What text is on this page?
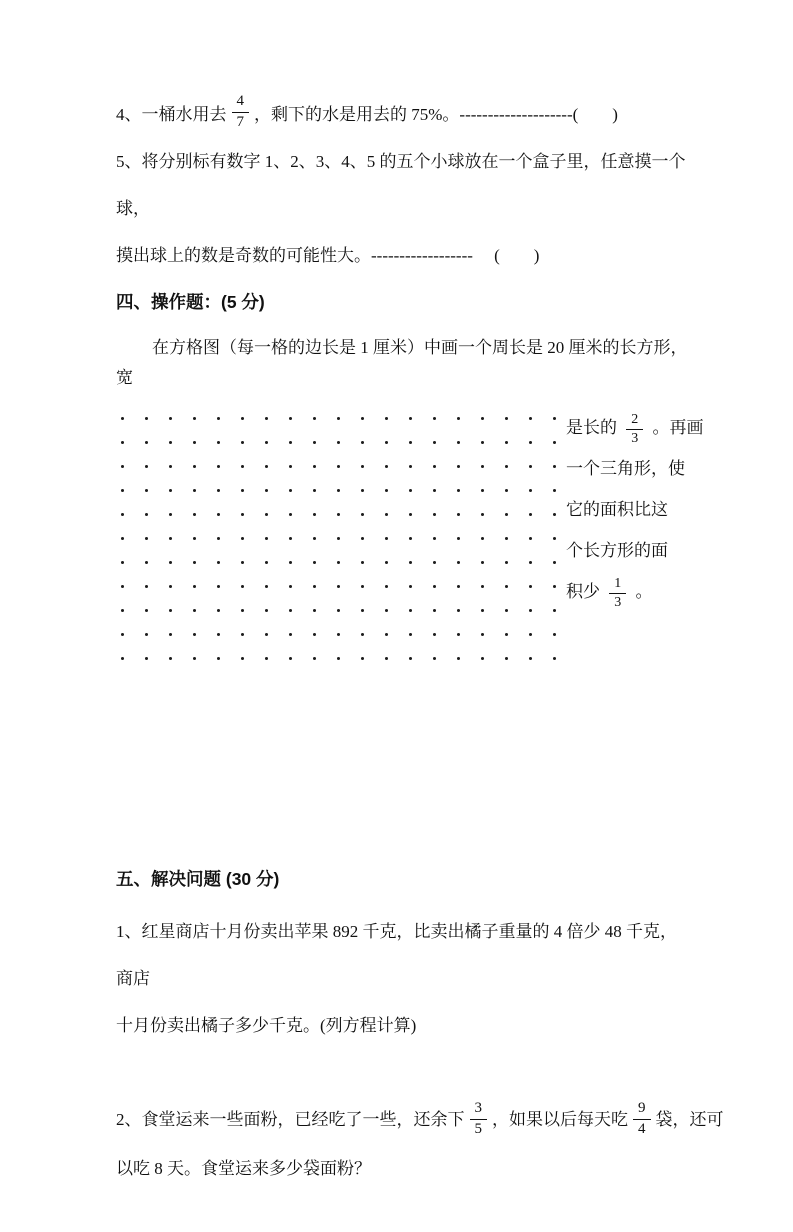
4、一桶水用去 $\frac{4}{7}$ ，剩下的水是用去的 75%。--------------------(　　)
5、将分别标有数字 1、2、3、4、5 的五个小球放在一个盒子里，任意摸一个球，
摸出球上的数是奇数的可能性大。------------------　 (　　)
四、操作题：(5 分)
在方格图（每一格的边长是 1 厘米）中画一个周长是 20 厘米的长方形，宽
是长的 $\frac{2}{3}$ 。再画
一个三角形，使
它的面积比这
个长方形的面
积少 $\frac{1}{3}$ 。
五、解决问题 (30 分)
1、红星商店十月份卖出苹果 892 千克，比卖出橘子重量的 4 倍少 48 千克，商店
十月份卖出橘子多少千克。(列方程计算)
2、食堂运来一些面粉，已经吃了一些，还余下 $\frac{3}{5}$ ，如果以后每天吃 $\frac{9}{4}$ 袋，还可
以吃 8 天。食堂运来多少袋面粉？
